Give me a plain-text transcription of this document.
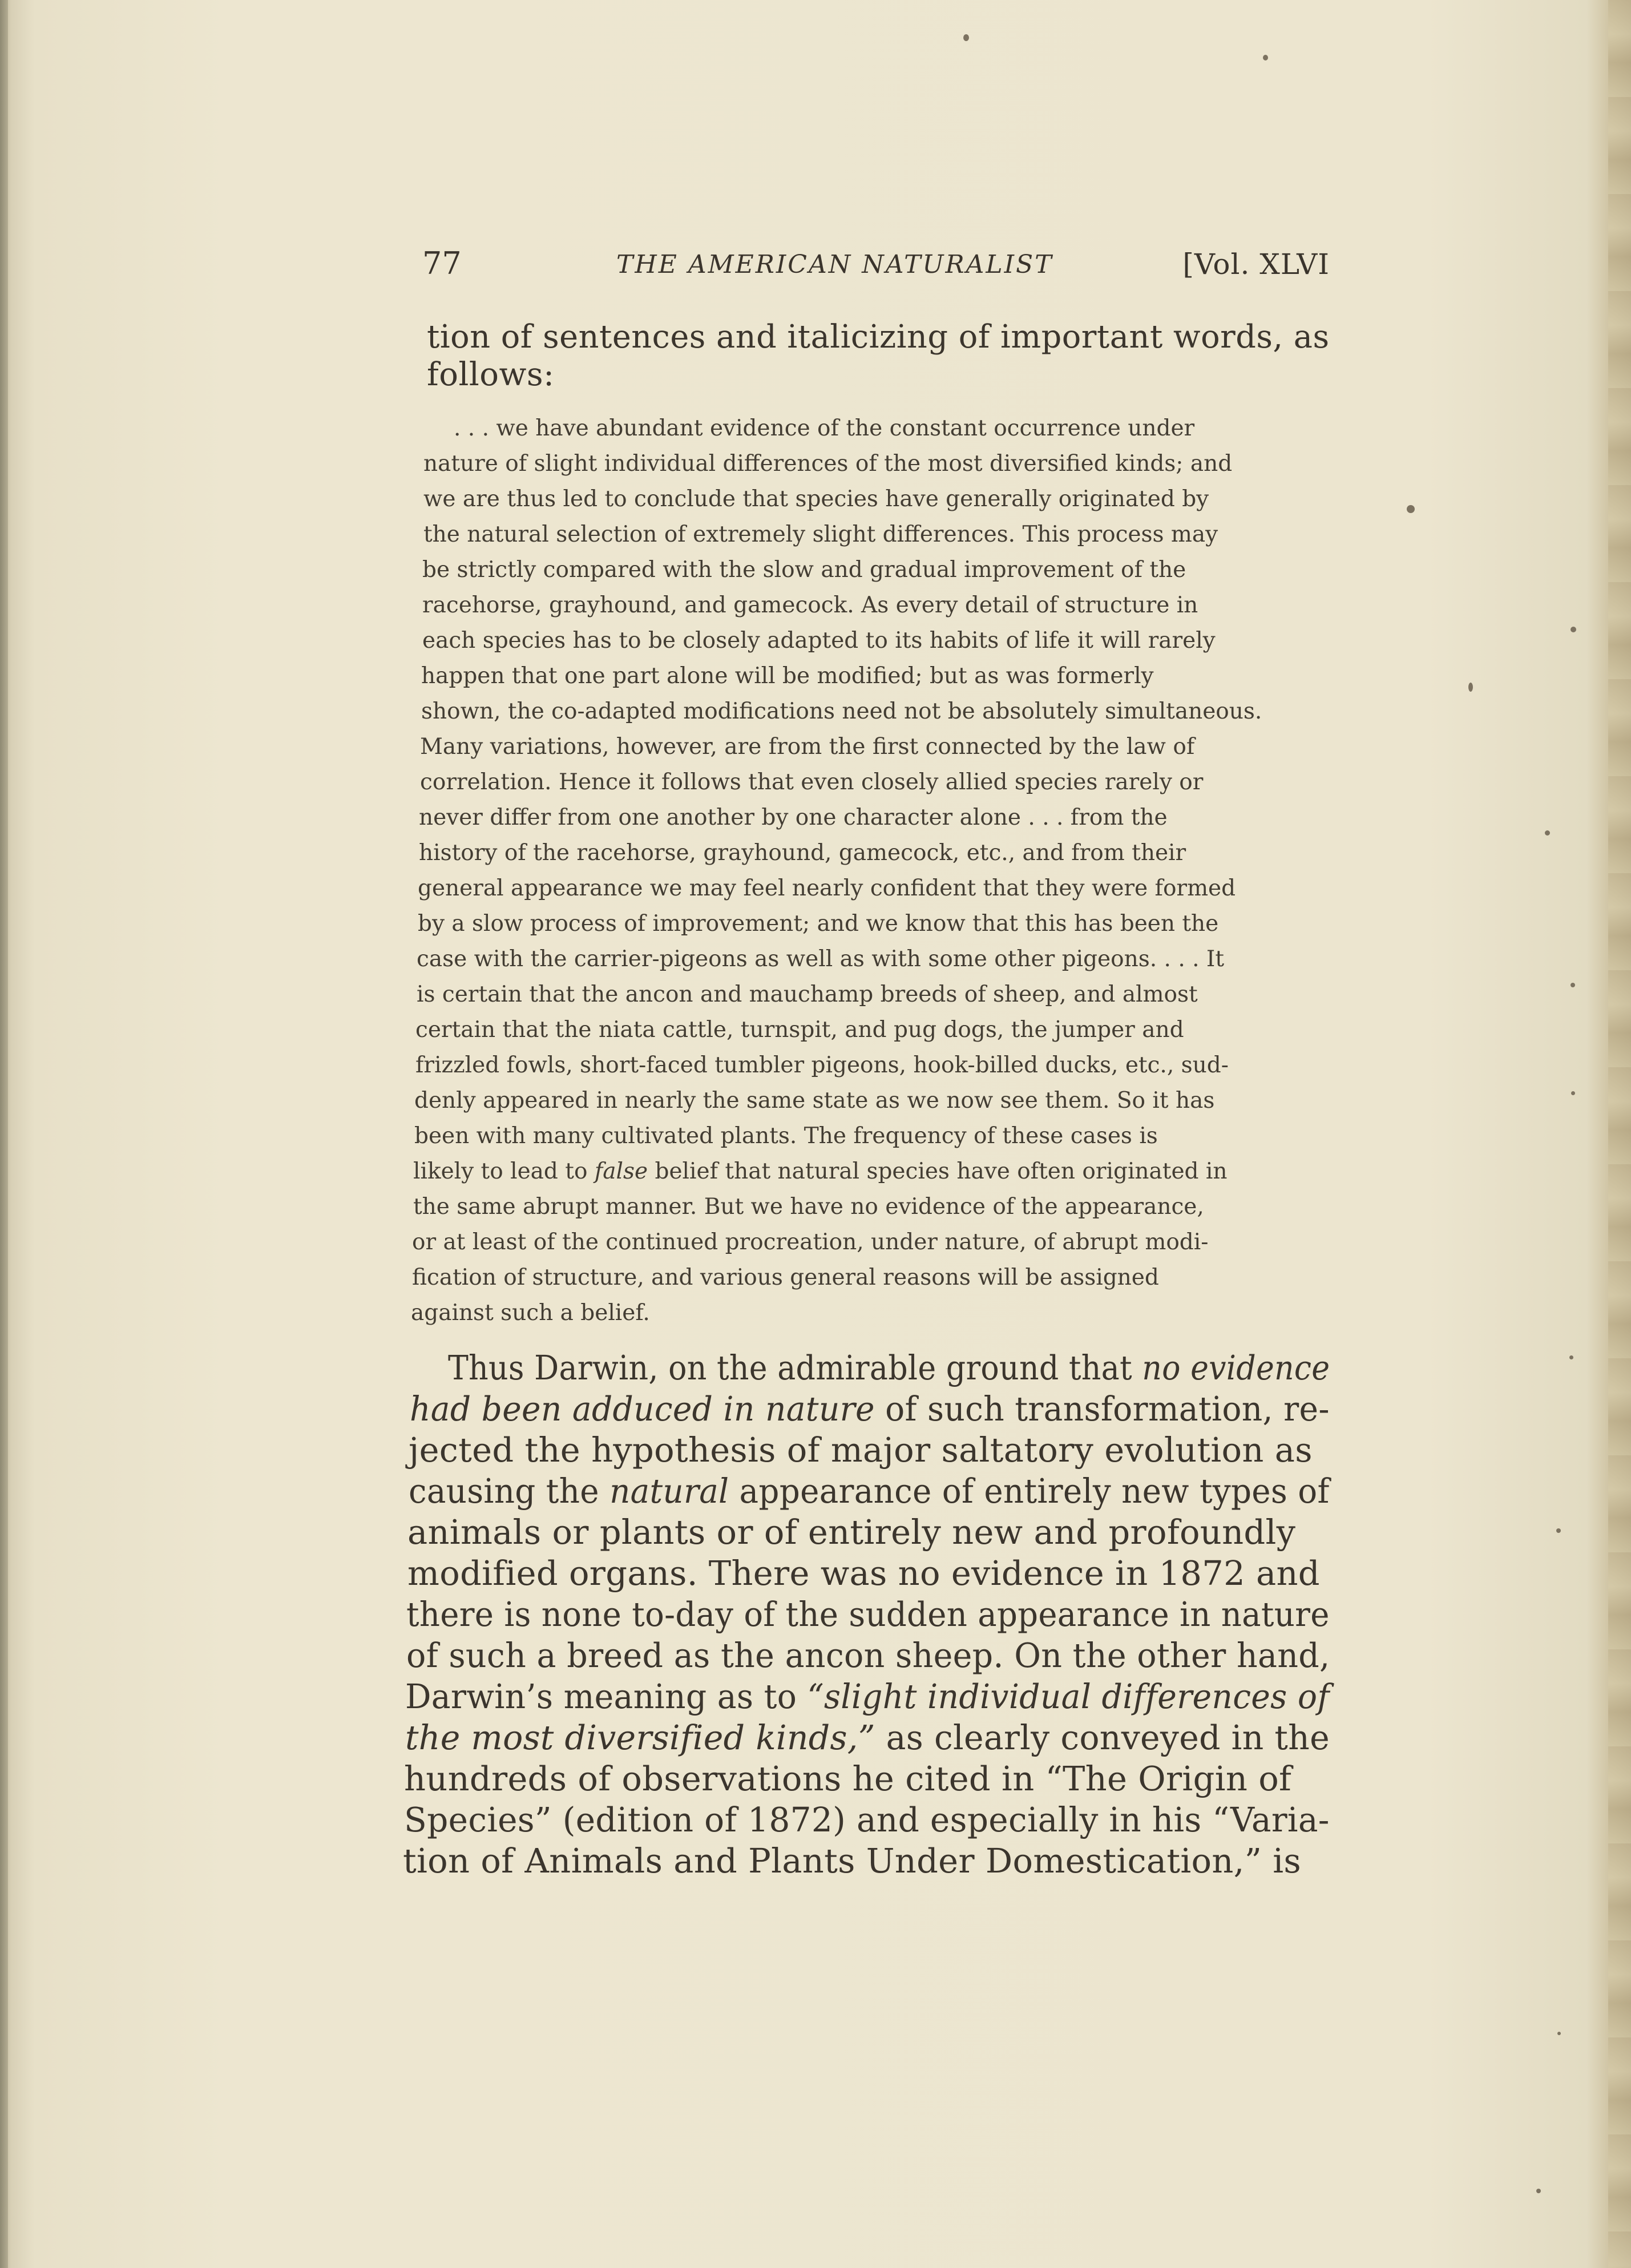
77	THE AMERICAN NATURALIST	[Vol. XLVI
tion of sentences and italicizing of important words, as
follows:
. . . we have abundant evidence of the constant occurrence under
nature of slight individual differences of the most diversified kinds; and
we are thus led to conclude that species have generally originated by
the natural selection of extremely slight differences. This process may
be strictly compared with the slow and gradual improvement of the
racehorse, grayhound, and gamecock. As every detail of structure in
each species has to be closely adapted to its habits of life it will rarely
happen that one part alone will be modified; but as was formerly
shown, the co-adapted modifications need not be absolutely simultaneous.
Many variations, however, are from the first connected by the law of
correlation. Hence it follows that even closely allied species rarely or
never differ from one another by one character alone . . . from the
history of the racehorse, grayhound, gamecock, etc., and from their
general appearance we may feel nearly confident that they were formed
by a slow process of improvement; and we know that this has been the
case with the carrier-pigeons as well as with some other pigeons. . . . It
is certain that the ancon and mauchamp breeds of sheep, and almost
certain that the niata cattle, turnspit, and pug dogs, the jumper and
frizzled fowls, short-faced tumbler pigeons, hook-billed ducks, etc., sud-
denly appeared in nearly the same state as we now see them. So it has
been with many cultivated plants. The frequency of these cases is
likely to lead to false belief that natural species have often originated in
the same abrupt manner. But we have no evidence of the appearance,
or at least of the continued procreation, under nature, of abrupt modi-
fication of structure, and various general reasons will be assigned
against such a belief.
Thus Darwin, on the admirable ground that no evidence
had been adduced in nature of such transformation, re-
jected the hypothesis of major saltatory evolution as
causing the natural appearance of entirely new types of
animals or plants or of entirely new and profoundly
modified organs. There was no evidence in 1872 and
there is none to-day of the sudden appearance in nature
of such a breed as the ancon sheep. On the other hand,
Darwin’s meaning as to “slight individual differences of
the most diversified kinds,” as clearly conveyed in the
hundreds of observations he cited in “The Origin of
Species” (edition of 1872) and especially in his “Varia-
tion of Animals and Plants Under Domestication,” is
